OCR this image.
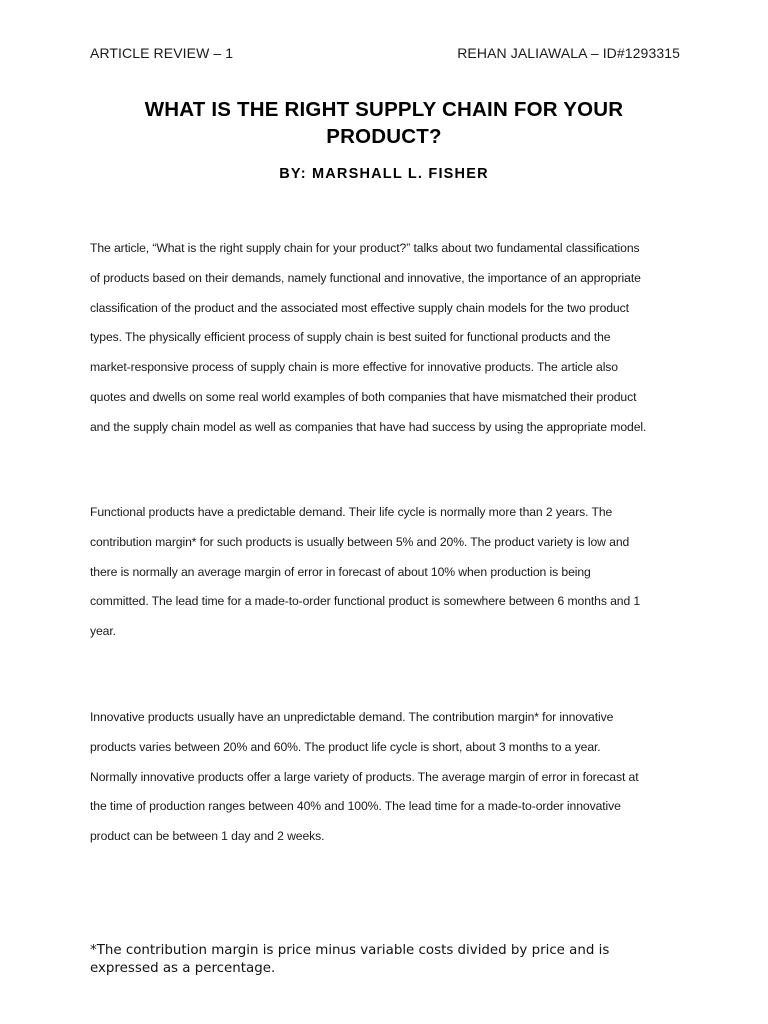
ARTICLE REVIEW – 1	REHAN JALIAWALA – ID#1293315
WHAT IS THE RIGHT SUPPLY CHAIN FOR YOUR
PRODUCT?
BY: MARSHALL L. FISHER

The article, “What is the right supply chain for your product?” talks about two fundamental classifications
of products based on their demands, namely functional and innovative, the importance of an appropriate
classification of the product and the associated most effective supply chain models for the two product
types. The physically efficient process of supply chain is best suited for functional products and the
market-responsive process of supply chain is more effective for innovative products. The article also
quotes and dwells on some real world examples of both companies that have mismatched their product
and the supply chain model as well as companies that have had success by using the appropriate model.

Functional products have a predictable demand. Their life cycle is normally more than 2 years. The
contribution margin* for such products is usually between 5% and 20%. The product variety is low and
there is normally an average margin of error in forecast of about 10% when production is being
committed. The lead time for a made-to-order functional product is somewhere between 6 months and 1
year.

Innovative products usually have an unpredictable demand. The contribution margin* for innovative
products varies between 20% and 60%. The product life cycle is short, about 3 months to a year.
Normally innovative products offer a large variety of products. The average margin of error in forecast at
the time of production ranges between 40% and 100%. The lead time for a made-to-order innovative
product can be between 1 day and 2 weeks.

*The contribution margin is price minus variable costs divided by price and is
expressed as a percentage.
